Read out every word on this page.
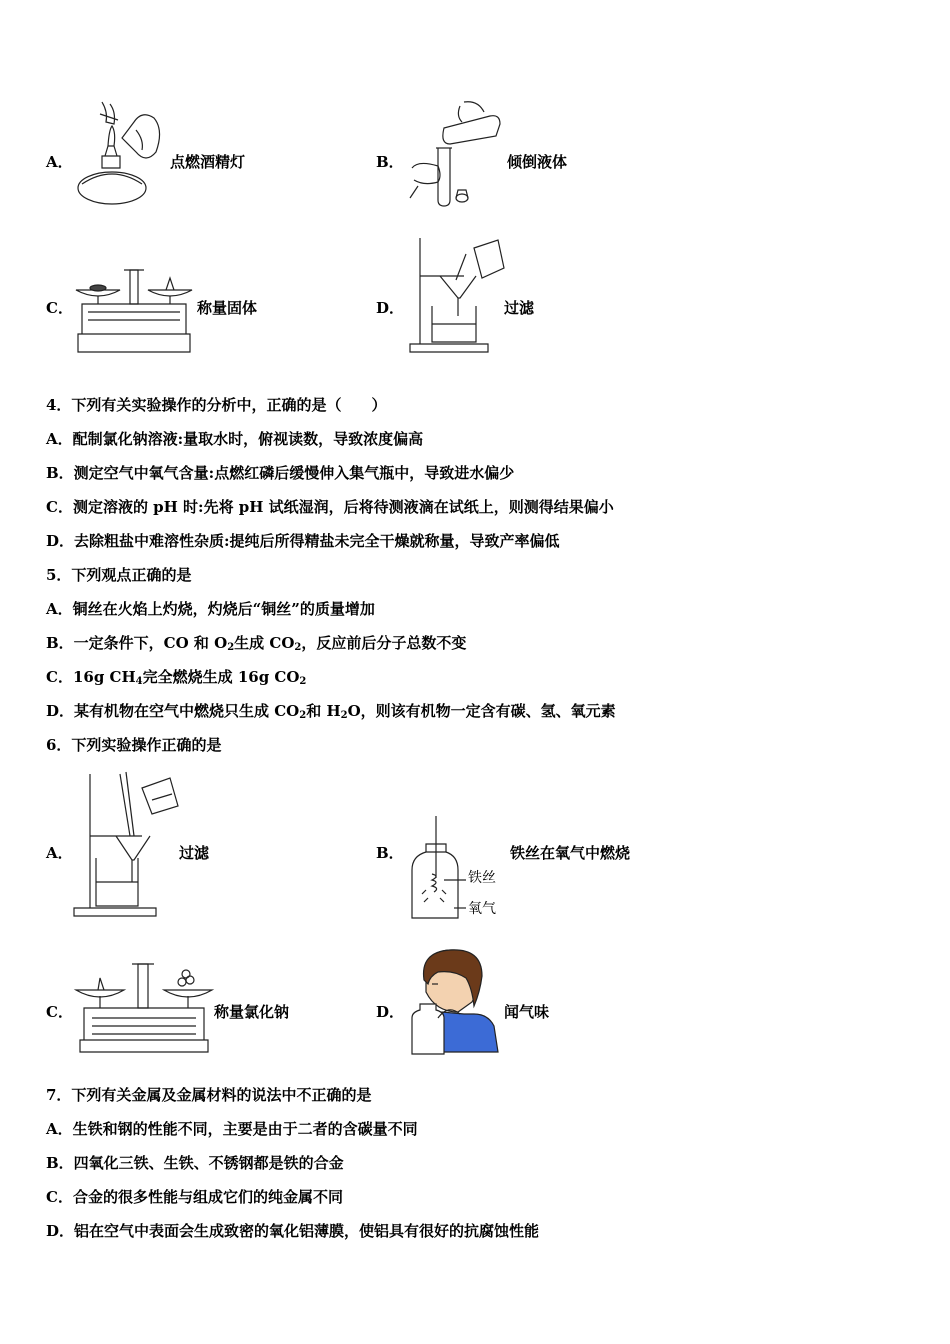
A．	点燃酒精灯	B．	倾倒液体
C．	称量固体	D．	过滤
4．下列有关实验操作的分析中，正确的是（　　）
A．配制氯化钠溶液:量取水时，俯视读数，导致浓度偏高
B．测定空气中氧气含量:点燃红磷后缓慢伸入集气瓶中，导致进水偏少
C．测定溶液的 pH 时:先将 pH 试纸湿润，后将待测液滴在试纸上，则测得结果偏小
D．去除粗盐中难溶性杂质:提纯后所得精盐未完全干燥就称量，导致产率偏低
5．下列观点正确的是
A．铜丝在火焰上灼烧，灼烧后“铜丝”的质量增加
B．一定条件下，CO 和 $O_2$生成 $CO_2$，反应前后分子总数不变
C．16g $CH_4$完全燃烧生成 16g $CO_2$
D．某有机物在空气中燃烧只生成 $CO_2$和 $H_2O$，则该有机物一定含有碳、氢、氧元素
6．下列实验操作正确的是
A．	过滤	B．
铁丝
氧气
铁丝在氧气中燃烧
C．	称量氯化钠	D．	闻气味
7．下列有关金属及金属材料的说法中不正确的是
A．生铁和钢的性能不同，主要是由于二者的含碳量不同
B．四氧化三铁、生铁、不锈钢都是铁的合金
C．合金的很多性能与组成它们的纯金属不同
D．铝在空气中表面会生成致密的氧化铝薄膜，使铝具有很好的抗腐蚀性能
